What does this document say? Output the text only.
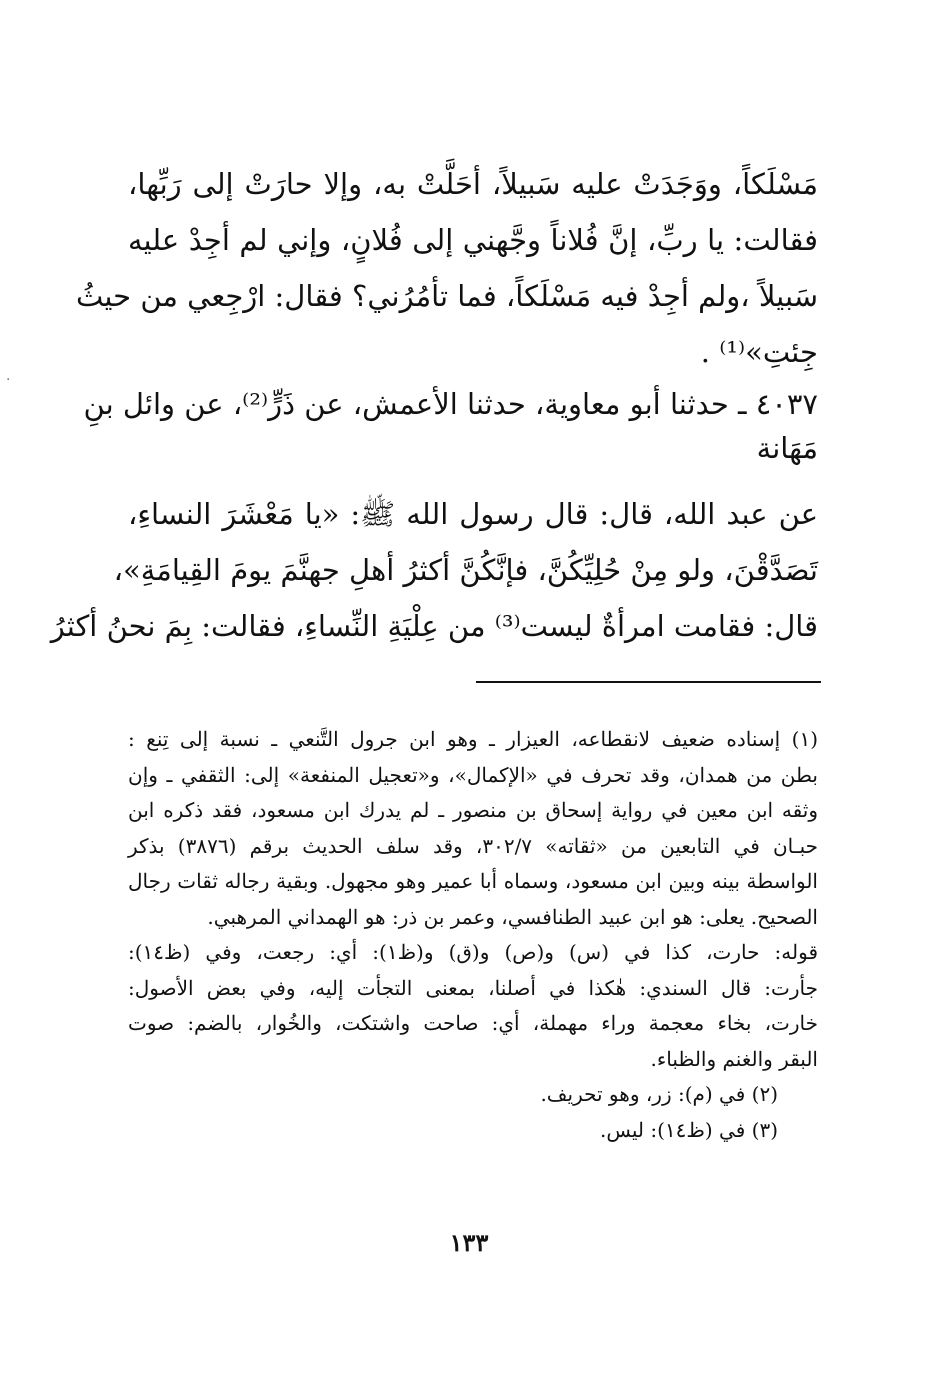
·
مَسْلَكاً، ووَجَدَتْ عليه سَبيلاً، أحَلَّتْ به، وإلا حارَتْ إلى رَبِّها،
فقالت: يا ربِّ، إنَّ فُلاناً وجَّهني إلى فُلانٍ، وإني لم أجِدْ عليه
سَبيلاً ،ولم أجِدْ فيه مَسْلَكاً، فما تأمُرُني؟ فقال: ارْجِعي من حيثُ
جِئتِ»⁽¹⁾ .
٤٠٣٧ ـ حدثنا أبو معاوية، حدثنا الأعمش، عن ذَرٍّ⁽²⁾، عن وائل بنِ
مَهَانة
عن عبد الله، قال: قال رسول الله ﷺ: «يا مَعْشَرَ النساءِ،
تَصَدَّقْنَ، ولو مِنْ حُلِيِّكُنَّ، فإنَّكُنَّ أكثرُ أهلِ جهنَّمَ يومَ القِيامَةِ»،
قال: فقامت امرأةٌ ليست⁽³⁾ من عِلْيَةِ النِّساءِ، فقالت: بِمَ نحنُ أكثرُ
(١) إسناده ضعيف لانقطاعه، العيزار ـ وهو ابن جرول التَّنعي ـ نسبة إلى تِنع :
بطن من همدان، وقد تحرف في «الإكمال»، و«تعجيل المنفعة» إلى: الثقفي ـ وإن
وثقه ابن معين في رواية إسحاق بن منصور ـ لم يدرك ابن مسعود، فقد ذكره ابن
حبـان في التابعين من «ثقاته» ٣٠٢/٧، وقد سلف الحديث برقم (٣٨٧٦) بذكر
الواسطة بينه وبين ابن مسعود، وسماه أبا عمير وهو مجهول. وبقية رجاله ثقات رجال
الصحيح. يعلى: هو ابن عبيد الطنافسي، وعمر بن ذر: هو الهمداني المرهبي.
قوله: حارت، كذا في (س) و(ص) و(ق) و(ظ١): أي: رجعت، وفي (ظ١٤):
جأرت: قال السندي: هٰكذا في أصلنا، بمعنى التجأت إليه، وفي بعض الأصول:
خارت، بخاء معجمة وراء مهملة، أي: صاحت واشتكت، والخُوار، بالضم: صوت
البقر والغنم والظباء.
(٢) في (م): زر، وهو تحريف.
(٣) في (ظ١٤): ليس.
١٣٣
